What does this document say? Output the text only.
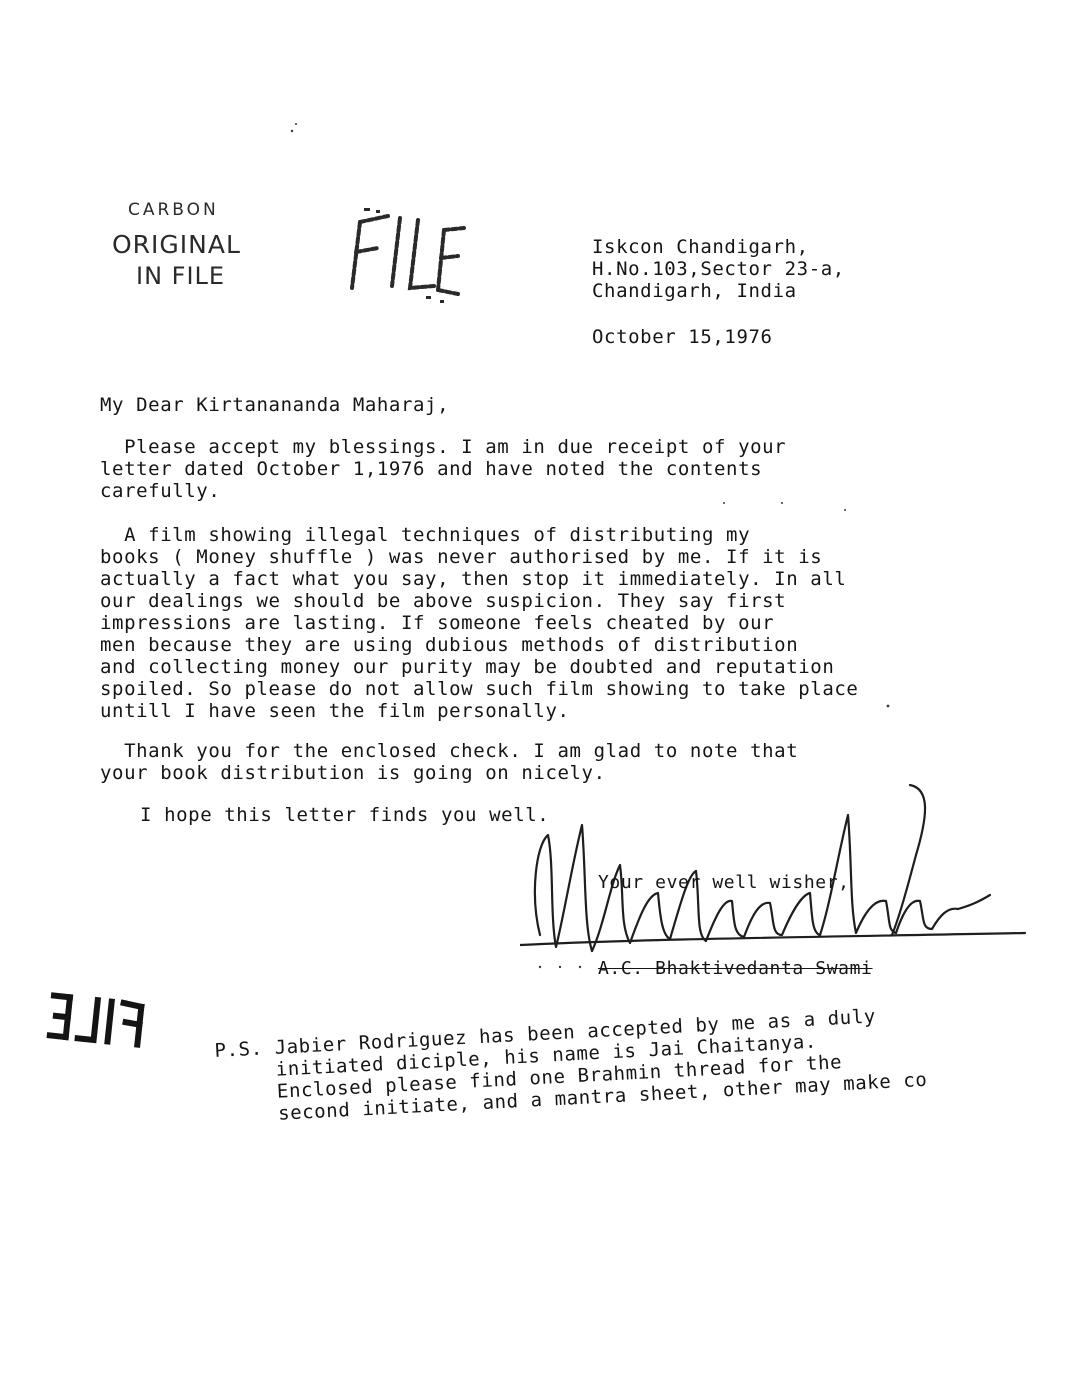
CARBON
ORIGINAL
IN FILE
Iskcon Chandigarh,
H.No.103,Sector 23-a,
Chandigarh, India
October 15,1976
My Dear Kirtanananda Maharaj,
Please accept my blessings. I am in due receipt of your
letter dated October 1,1976 and have noted the contents
carefully.
A film showing illegal techniques of distributing my
books ( Money shuffle ) was never authorised by me. If it is
actually a fact what you say, then stop it immediately. In all
our dealings we should be above suspicion. They say first
impressions are lasting. If someone feels cheated by our
men because they are using dubious methods of distribution
and collecting money our purity may be doubted and reputation
spoiled. So please do not allow such film showing to take place
untill I have seen the film personally.
Thank you for the enclosed check. I am glad to note that
your book distribution is going on nicely.
I hope this letter finds you well.
Your ever well wisher,
A.C. Bhaktivedanta Swami
P.S. Jabier Rodriguez has been accepted by me as a duly
initiated diciple, his name is Jai Chaitanya.
Enclosed please find one Brahmin thread for the
second initiate, and a mantra sheet, other may make co
